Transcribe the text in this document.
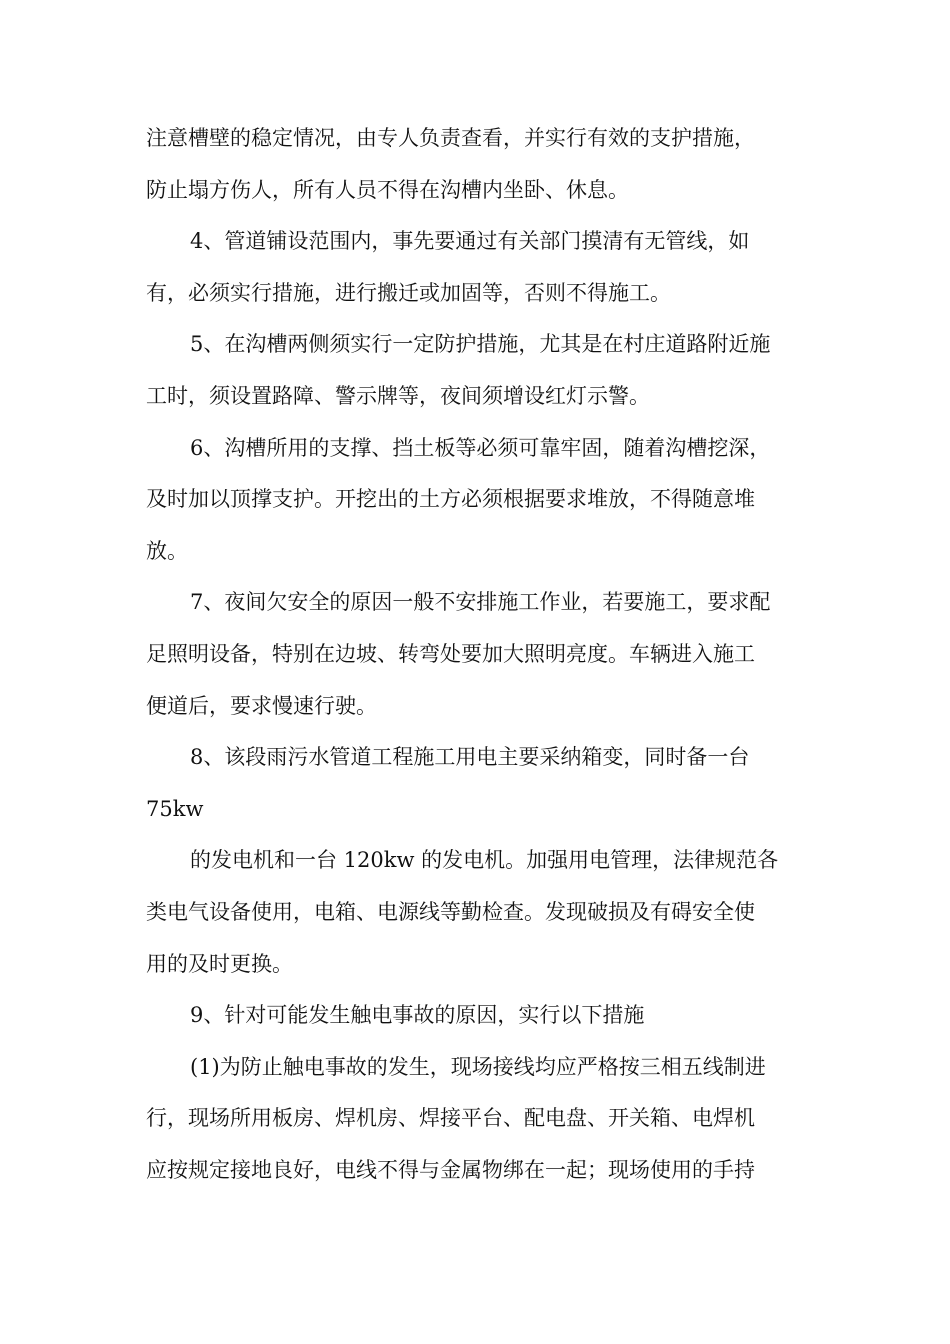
注意槽壁的稳定情况，由专人负责查看，并实行有效的支护措施，
防止塌方伤人，所有人员不得在沟槽内坐卧、休息。
4、管道铺设范围内，事先要通过有关部门摸清有无管线，如
有，必须实行措施，进行搬迁或加固等，否则不得施工。
5、在沟槽两侧须实行一定防护措施，尤其是在村庄道路附近施
工时，须设置路障、警示牌等，夜间须增设红灯示警。
6、沟槽所用的支撑、挡土板等必须可靠牢固，随着沟槽挖深，
及时加以顶撑支护。开挖出的土方必须根据要求堆放，不得随意堆
放。
7、夜间欠安全的原因一般不安排施工作业，若要施工，要求配
足照明设备，特别在边坡、转弯处要加大照明亮度。车辆进入施工
便道后，要求慢速行驶。
8、该段雨污水管道工程施工用电主要采纳箱变，同时备一台
75kw
的发电机和一台 120kw 的发电机。加强用电管理，法律规范各
类电气设备使用，电箱、电源线等勤检查。发现破损及有碍安全使
用的及时更换。
9、针对可能发生触电事故的原因，实行以下措施
(1)为防止触电事故的发生，现场接线均应严格按三相五线制进
行，现场所用板房、焊机房、焊接平台、配电盘、开关箱、电焊机
应按规定接地良好，电线不得与金属物绑在一起；现场使用的手持
